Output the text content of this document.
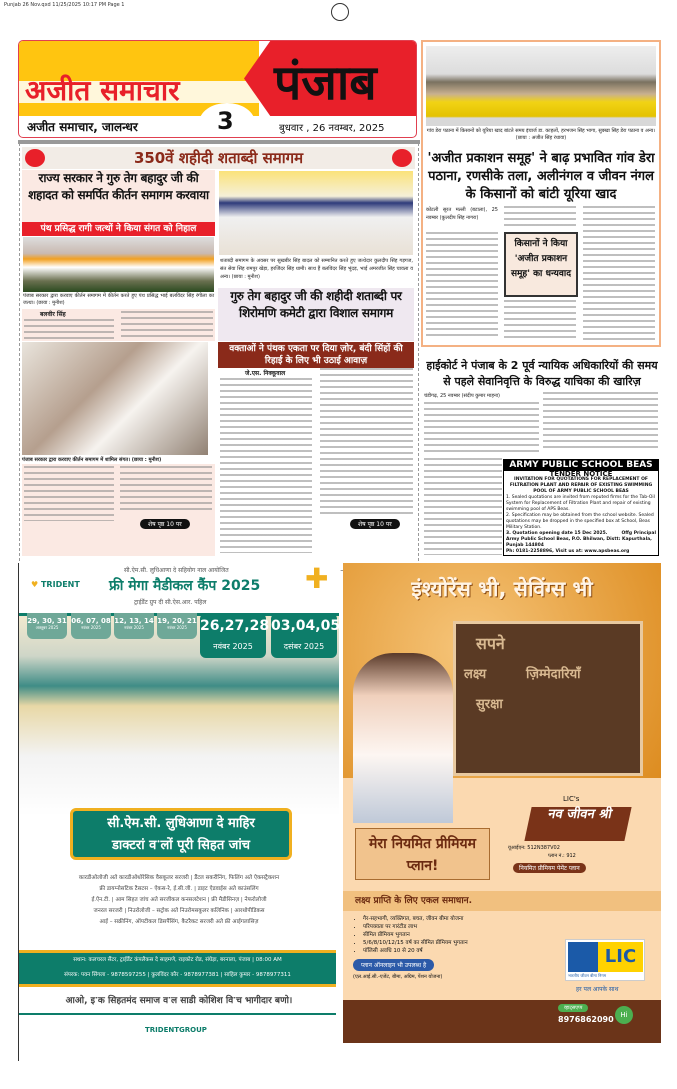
Punjab 26 Nov.qxd 11/25/2025 10:17 PM Page 1
अजीत समाचार पंजाब
अजीत समाचार, जालन्धर	3	बुधवार , 26 नवम्बर, 2025	गांव डेरा पठाना में किसानों को यूरिया खाद बांटते समय इंचार्ज डा. काहलों, हरभजन सिंह भागा, सुक्खा सिंह डेरा पठाना व अन्य। (छाया : अजीत सिंह रंधावा)
'अजीत प्रकाशन समूह' ने बाढ़ प्रभावित गांव डेरा पठाना, रणसीके तला, अलीनंगल व जीवन नंगल के किसानों को बांटी यूरिया खाद
कोटली सूरत मल्ली (बटाला), 25 नवम्बर (कुलदीप सिंह नागरा)
किसानों ने किया 'अजीत प्रकाशन समूह' का धन्यवाद
हाईकोर्ट ने पंजाब के 2 पूर्व न्यायिक अधिकारियों की समय से पहले सेवानिवृत्ति के विरुद्ध याचिका की खारिज़
चंडीगढ़, 25 नवम्बर (संदीप कुमार माहना)
ARMY PUBLIC SCHOOL BEAS
TENDER NOTICE
INVITATION FOR QUOTATIONS FOR REPLACEMENT OF FILTRATION PLANT AND REPAIR OF EXISTING SWIMMING POOL OF ARMY PUBLIC SCHOOL BEAS
1. Sealed quotations are invited from reputed firms for the Tab-Oil System for Replacement of Filtration Plant and repair of existing swimming pool of APS Beas.
2. Specification may be obtained from the school website. Sealed quotations may be dropped in the specified box at School, Beas Military Station.
3. Quotation opening date 15 Dec 2025.	Offg Principal
Army Public School Beas, P.O. Bhilwan, Distt: Kapurthala, Punjab 144804
Ph: 0181-2258896, Visit us at: www.apsbeas.org
350वें शहीदी शताब्दी समागम
राज्य सरकार ने गुरु तेग बहादुर जी की शहादत को समर्पित कीर्तन समागम करवाया
पंथ प्रसिद्ध रागी जत्थों ने किया संगत को निहाल
पंजाब सरकार द्वारा करवाए कीर्तन समागम में कीर्तन करते हुए पंथ प्रसिद्ध भाई बलविंदर सिंह रंगीला का जत्था। (छाया : मुनीश)
बलवीर सिंह
पंजाब सरकार द्वारा करवाए कीर्तन समागम में शामिल संगत। (छाया : मुनीश)
शेष पृष्ठ 10 पर
शताब्दी समागम के अवसर पर सुखबीर सिंह बादल को सम्मानित करते हुए जत्थेदार कुलदीप सिंह गड़गज, संत सेवा सिंह रामपुर खेड़ा, हरजिंदर सिंह धामी। साथ हैं बलविंदर सिंह भूंदड़, भाई अमरजीत सिंह चावला व अन्य। (छाया : मुनीश)
गुरु तेग बहादुर जी की शहीदी शताब्दी पर शिरोमणि कमेटी द्वारा विशाल समागम
वक्ताओं ने पंथक एकता पर दिया ज़ोर, बंदी सिंहों की रिहाई के लिए भी उठाई आवाज़
जे.एस. निक्कूवाल
शेष पृष्ठ 10 पर
♥ TRIDENT
सी.ऐम.सी. लुधिआणा दे सहियोग नाल आयोजित	✚
फ्री मेगा मैडीकल कैंप 2025
ट्राईडैंट ग्रुप दी सी.ऐस.आर. पहिल
29, 30, 31
अक्तूबर 2025
06, 07, 08
नवंबर 2025
12, 13, 14
नवंबर 2025
19, 20, 21
नवंबर 2025 26,27,28
नवंबर 2025
03,04,05
दसंबर 2025
सी.ऐम.सी. लुधिआणा दे माहिर
डाक्टरां वॱलों पूरी सिहत जांच
कारडीओलोजी अते कारडीओथोरेसिक वैसकूलर सरजरी | डैंटल सकरीनिंग, फिलिंग अते ऐकसट्रैकशन
फ्री डायग्नोसटिक टैसटस – ऐकस-रे, ई.सी.जी. | डाइट ऐडवाईस अते काउंसलिंग
ई.ऐन.टी. | आम सिहत जांच अते सरजीकल कनसलटेशन | फ्री मैडीसिनज़ | नेफरोलोजी
जनरल सरजरी | निउरोलोजी – सट्रोक अते निउरोमसकुलर कलिनिक | आरथोपीडिकस
आई – सक्रीनिंग, ऑपटीकल डिसपैंसिंग, कैटरैकट सरजरी अते फ्री आईगलासिज़
सथान: कलचरल सैंटर, ट्राईडैंट कंपलैकस दे साहमणे, राइकोट रोड, संघेड़ा, बरनाला, पंजाब | 08:00 AM
संपरक: पवन सिंगला - 9878597255 | कुलविंदर कौर - 9878977381 | साहिल कुमार - 9878977311
आओ, इॱक सिहतमंद समाज वॱल साडी कोशिश विॱच भागीदार बणो।
TRIDENTGROUP
इंश्योरेंस भी, सेविंग्स भी
सपने
लक्ष्य	ज़िम्मेदारियाँ
सुरक्षा
मेरा नियमित प्रीमियम प्लान!
LIC's
नव जीवन श्री
यूआईएन: 512N387V02
प्लान नं.: 912
नियमित प्रीमियम पेमेंट प्लान
लक्ष्य प्राप्ति के लिए एकल समाधान.
• गैर-सहभागी, व्यक्तिगत, बचत, जीवन बीमा योजना
• परिपक्वता पर गारंटीड लाभ
• सीमित प्रीमियम भुगतान
• 5/6/8/10/12/15 वर्ष का सीमित प्रीमियम भुगतान
• पॉलिसी अवधि 10 से 20 वर्ष
प्लान ऑनलाइन भी उपलब्ध है
(एल.आई.सी.-एजेंट, बीमा, अग्रिम, पेंशन योजना)
LIC
भारतीय जीवन बीमा निगम
हर पल आपके साथ
व्हाट्सएप्प
8976862090 Hi
